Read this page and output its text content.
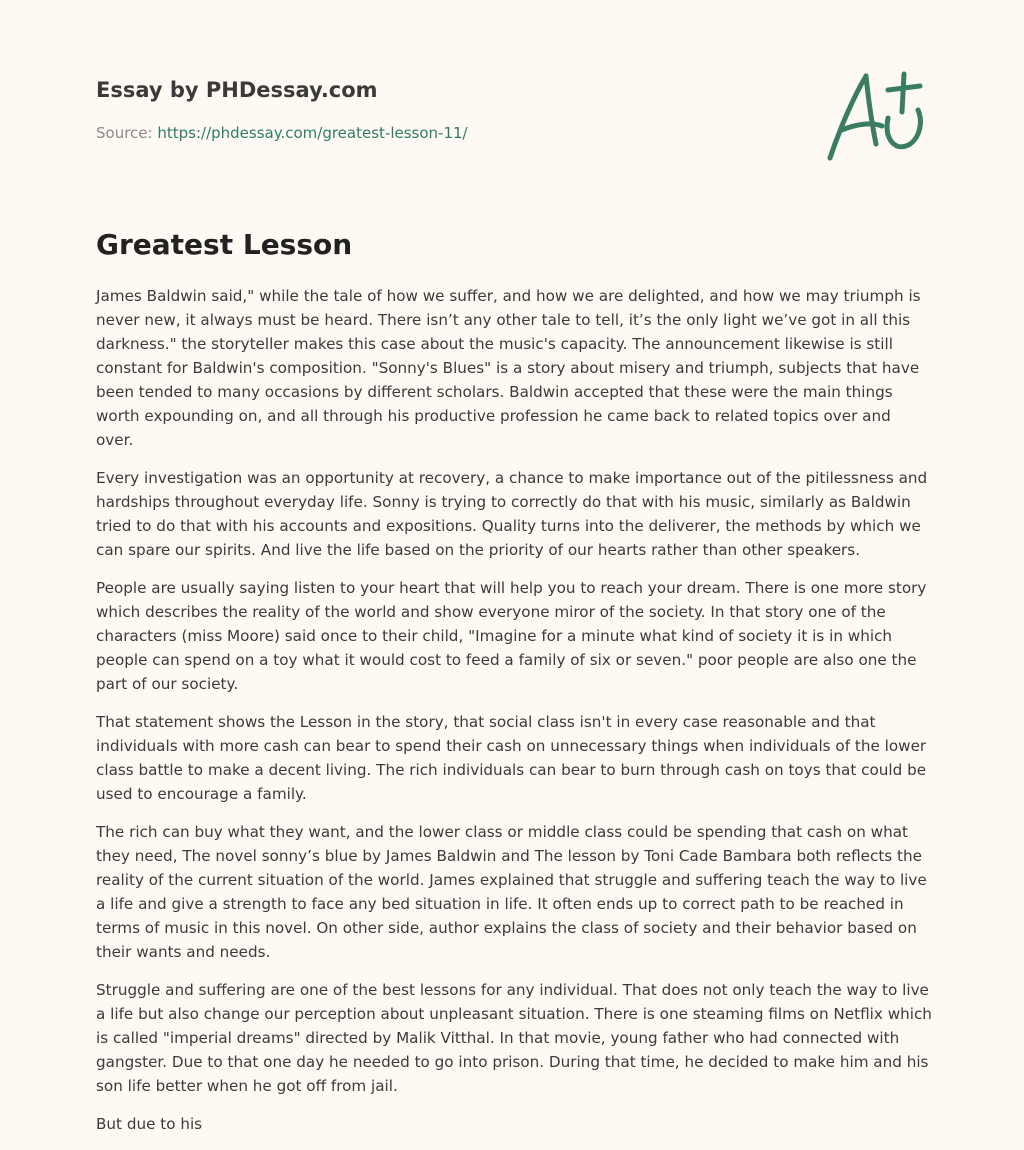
Essay by PHDessay.com
Source: https://phdessay.com/greatest-lesson-11/
Greatest Lesson

James Baldwin said," while the tale of how we suffer, and how we are delighted, and how we may triumph is never new, it always must be heard. There isn’t any other tale to tell, it’s the only light we’ve got in all this darkness." the storyteller makes this case about the music's capacity. The announcement likewise is still constant for Baldwin's composition. "Sonny's Blues" is a story about misery and triumph, subjects that have been tended to many occasions by different scholars. Baldwin accepted that these were the main things worth expounding on, and all through his productive profession he came back to related topics over and over.

Every investigation was an opportunity at recovery, a chance to make importance out of the pitilessness and hardships throughout everyday life. Sonny is trying to correctly do that with his music, similarly as Baldwin tried to do that with his accounts and expositions. Quality turns into the deliverer, the methods by which we can spare our spirits. And live the life based on the priority of our hearts rather than other speakers.

People are usually saying listen to your heart that will help you to reach your dream. There is one more story which describes the reality of the world and show everyone miror of the society. In that story one of the characters (miss Moore) said once to their child, "Imagine for a minute what kind of society it is in which people can spend on a toy what it would cost to feed a family of six or seven." poor people are also one the part of our society.

That statement shows the Lesson in the story, that social class isn't in every case reasonable and that individuals with more cash can bear to spend their cash on unnecessary things when individuals of the lower class battle to make a decent living. The rich individuals can bear to burn through cash on toys that could be used to encourage a family.

The rich can buy what they want, and the lower class or middle class could be spending that cash on what they need, The novel sonny’s blue by James Baldwin and The lesson by Toni Cade Bambara both reflects the reality of the current situation of the world. James explained that struggle and suffering teach the way to live a life and give a strength to face any bed situation in life. It often ends up to correct path to be reached in terms of music in this novel. On other side, author explains the class of society and their behavior based on their wants and needs.

Struggle and suffering are one of the best lessons for any individual. That does not only teach the way to live a life but also change our perception about unpleasant situation. There is one steaming films on Netflix which is called "imperial dreams" directed by Malik Vitthal. In that movie, young father who had connected with gangster. Due to that one day he needed to go into prison. During that time, he decided to make him and his son life better when he got off from jail.

But due to his
